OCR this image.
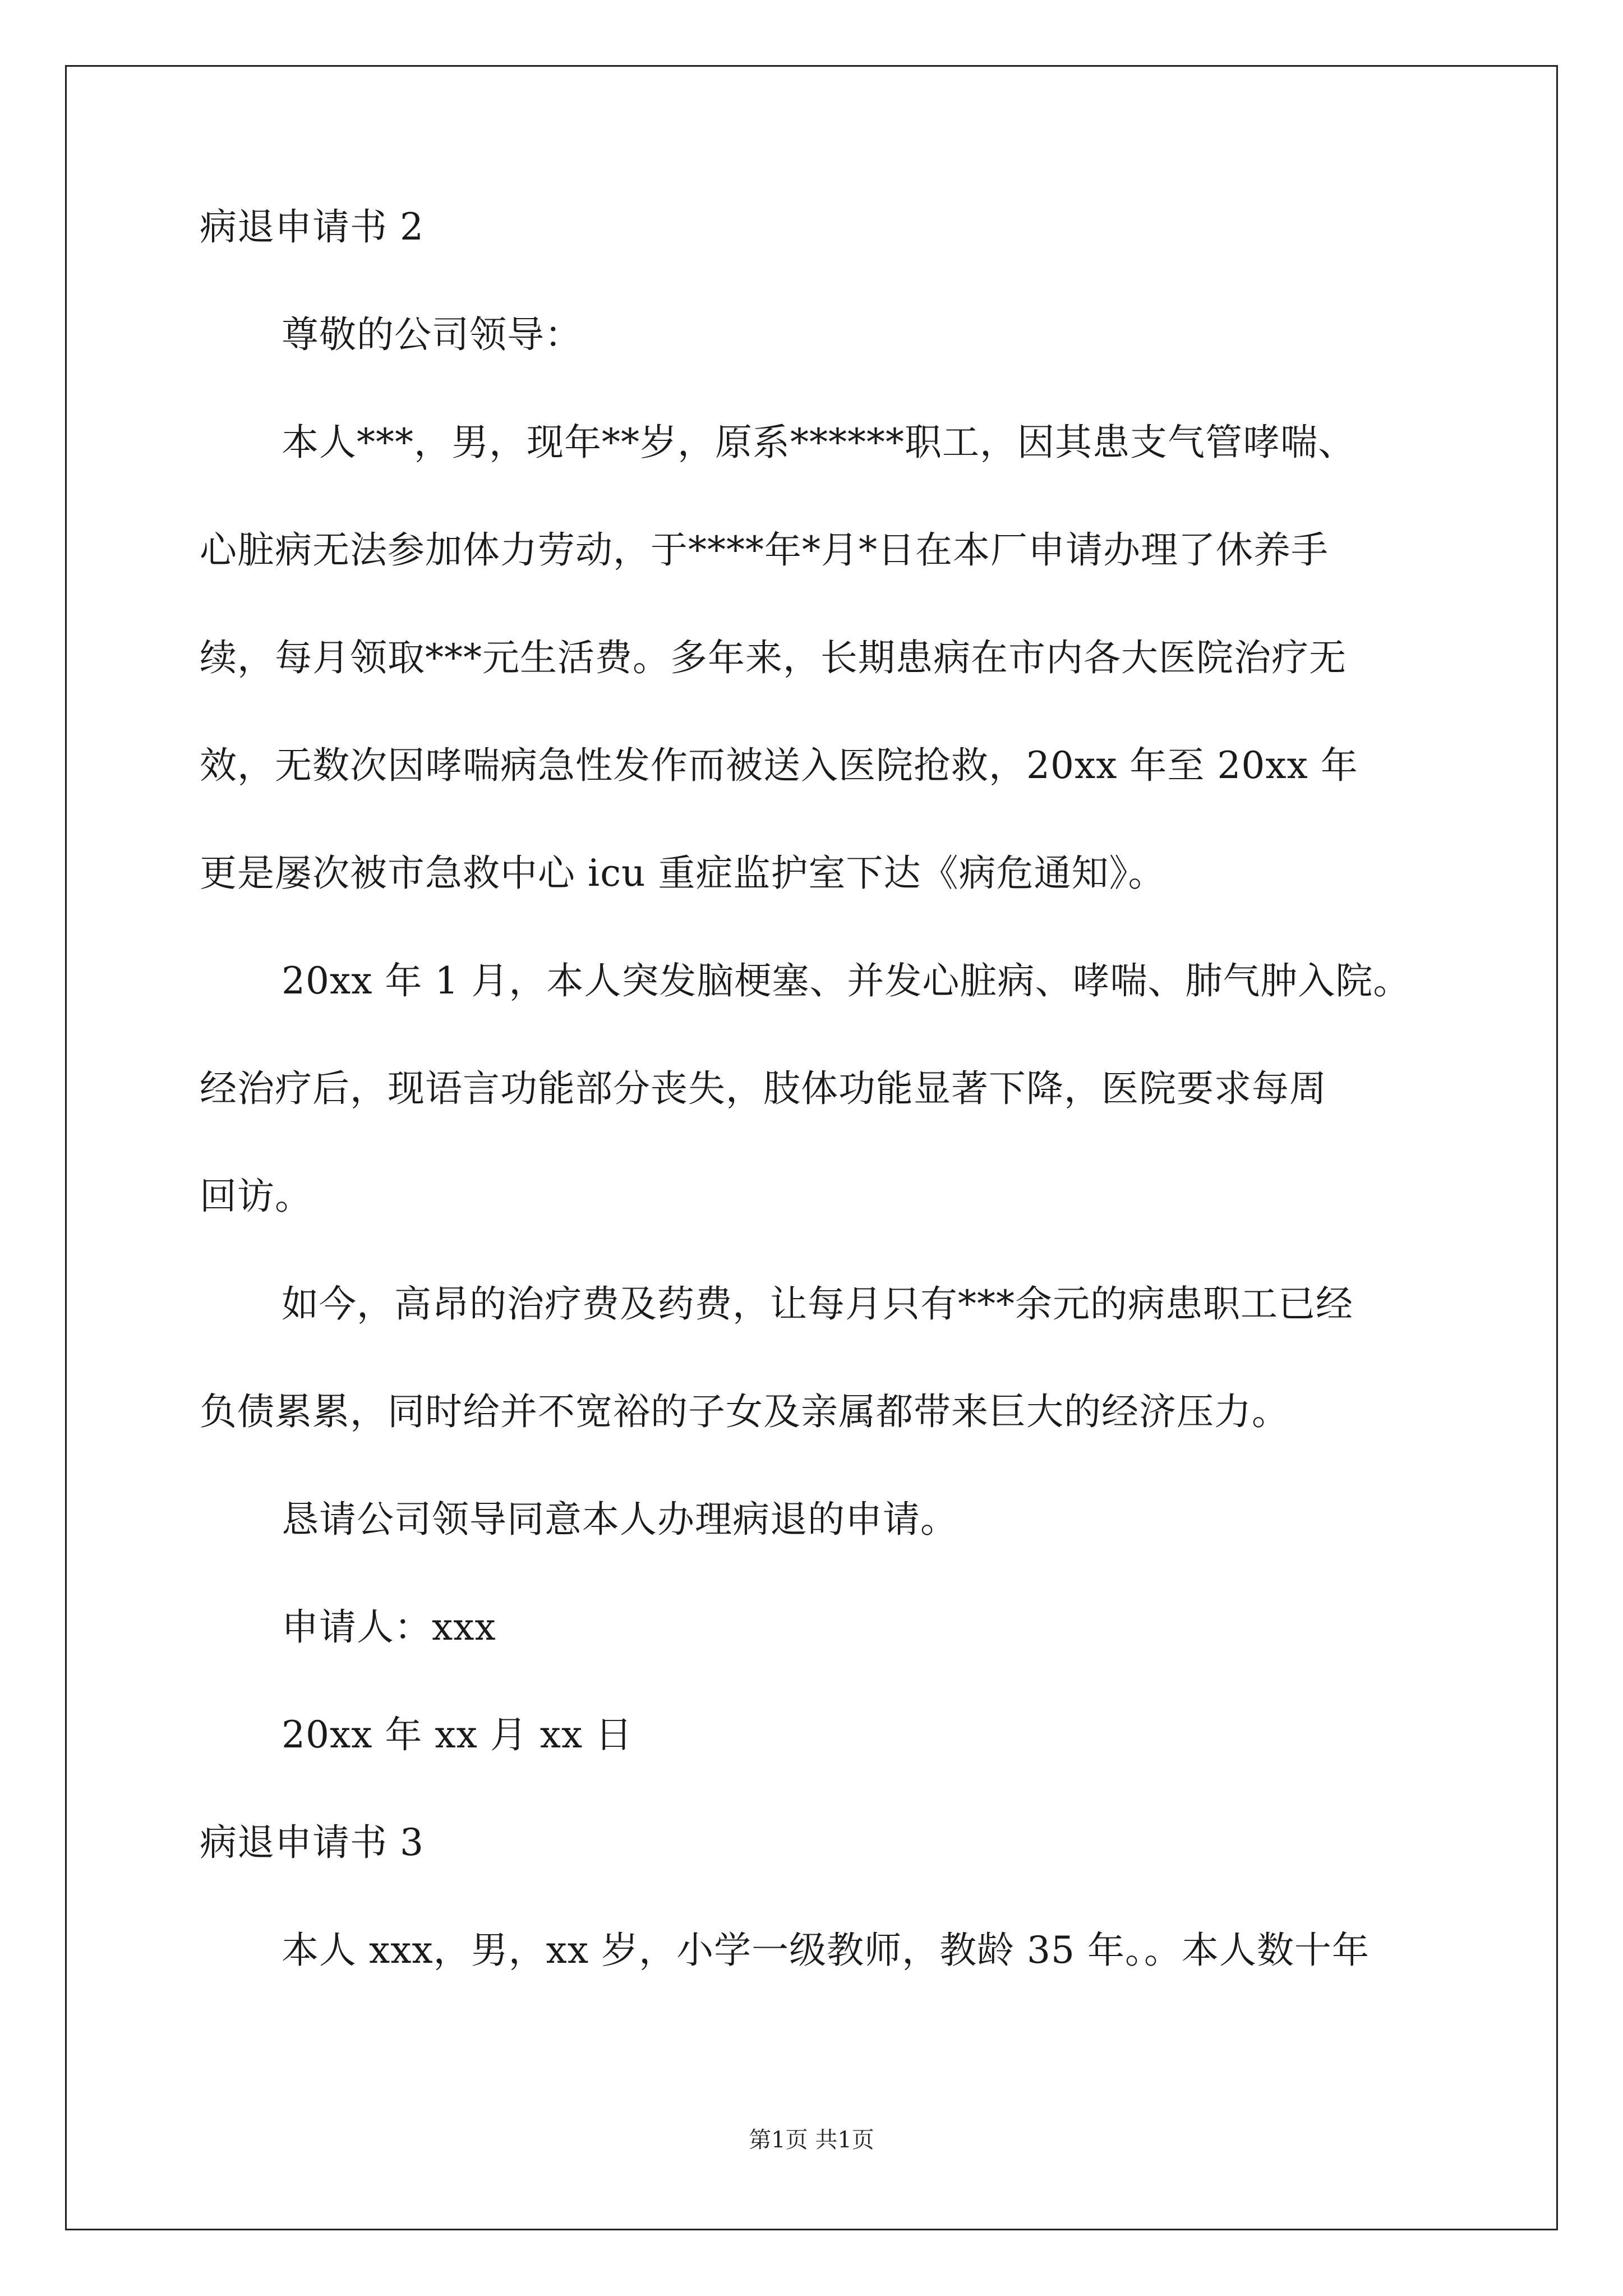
病退申请书 2
尊敬的公司领导：
本人***，男，现年**岁，原系******职工，因其患支气管哮喘、
心脏病无法参加体力劳动，于****年*月*日在本厂申请办理了休养手
续，每月领取***元生活费。多年来，长期患病在市内各大医院治疗无
效，无数次因哮喘病急性发作而被送入医院抢救，20xx 年至 20xx 年
更是屡次被市急救中心 icu 重症监护室下达《病危通知》。
20xx 年 1 月，本人突发脑梗塞、并发心脏病、哮喘、肺气肿入院。
经治疗后，现语言功能部分丧失，肢体功能显著下降，医院要求每周
回访。
如今，高昂的治疗费及药费，让每月只有***余元的病患职工已经
负债累累，同时给并不宽裕的子女及亲属都带来巨大的经济压力。
恳请公司领导同意本人办理病退的申请。
申请人：xxx
20xx 年 xx 月 xx 日
病退申请书 3
本人 xxx，男，xx 岁，小学一级教师，教龄 35 年。。本人数十年
第1页 共1页
